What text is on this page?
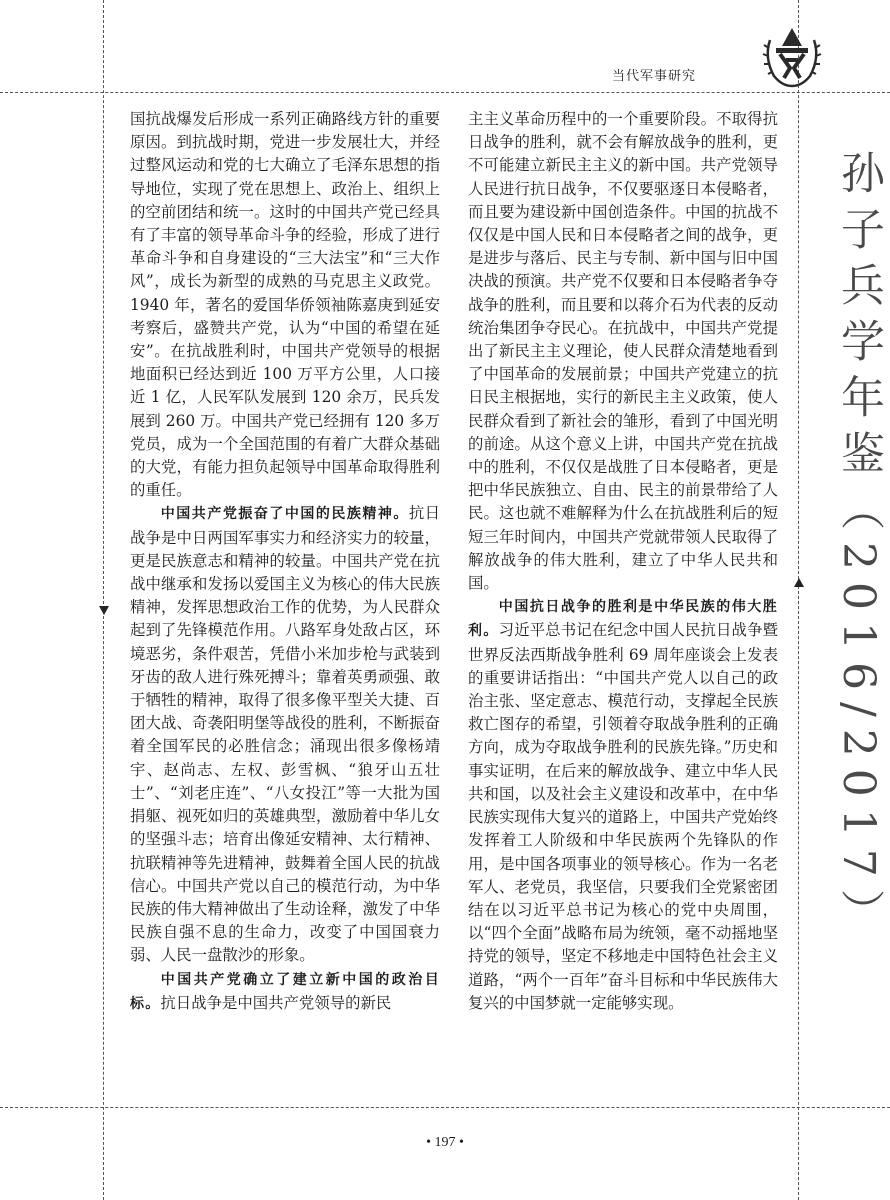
当代军事研究
孙子兵学年鉴（2016/2017）

国抗战爆发后形成一系列正确路线方针的重要原因。到抗战时期，党进一步发展壮大，并经过整风运动和党的七大确立了毛泽东思想的指导地位，实现了党在思想上、政治上、组织上的空前团结和统一。这时的中国共产党已经具有了丰富的领导革命斗争的经验，形成了进行革命斗争和自身建设的“三大法宝”和“三大作风”，成长为新型的成熟的马克思主义政党。1940 年，著名的爱国华侨领袖陈嘉庚到延安考察后，盛赞共产党，认为“中国的希望在延安”。在抗战胜利时，中国共产党领导的根据地面积已经达到近 100 万平方公里，人口接近 1 亿，人民军队发展到 120 余万，民兵发展到 260 万。中国共产党已经拥有 120 多万党员，成为一个全国范围的有着广大群众基础的大党，有能力担负起领导中国革命取得胜利的重任。

中国共产党振奋了中国的民族精神。抗日战争是中日两国军事实力和经济实力的较量，更是民族意志和精神的较量。中国共产党在抗战中继承和发扬以爱国主义为核心的伟大民族精神，发挥思想政治工作的优势，为人民群众起到了先锋模范作用。八路军身处敌占区，环境恶劣，条件艰苦，凭借小米加步枪与武装到牙齿的敌人进行殊死搏斗；靠着英勇顽强、敢于牺牲的精神，取得了很多像平型关大捷、百团大战、奇袭阳明堡等战役的胜利，不断振奋着全国军民的必胜信念；涌现出很多像杨靖宇、赵尚志、左权、彭雪枫、“狼牙山五壮士”、“刘老庄连”、“八女投江”等一大批为国捐躯、视死如归的英雄典型，激励着中华儿女的坚强斗志；培育出像延安精神、太行精神、抗联精神等先进精神，鼓舞着全国人民的抗战信心。中国共产党以自己的模范行动，为中华民族的伟大精神做出了生动诠释，激发了中华民族自强不息的生命力，改变了中国国衰力弱、人民一盘散沙的形象。

中国共产党确立了建立新中国的政治目标。抗日战争是中国共产党领导的新民

主主义革命历程中的一个重要阶段。不取得抗日战争的胜利，就不会有解放战争的胜利，更不可能建立新民主主义的新中国。共产党领导人民进行抗日战争，不仅要驱逐日本侵略者，而且要为建设新中国创造条件。中国的抗战不仅仅是中国人民和日本侵略者之间的战争，更是进步与落后、民主与专制、新中国与旧中国决战的预演。共产党不仅要和日本侵略者争夺战争的胜利，而且要和以蒋介石为代表的反动统治集团争夺民心。在抗战中，中国共产党提出了新民主主义理论，使人民群众清楚地看到了中国革命的发展前景；中国共产党建立的抗日民主根据地，实行的新民主主义政策，使人民群众看到了新社会的雏形，看到了中国光明的前途。从这个意义上讲，中国共产党在抗战中的胜利，不仅仅是战胜了日本侵略者，更是把中华民族独立、自由、民主的前景带给了人民。这也就不难解释为什么在抗战胜利后的短短三年时间内，中国共产党就带领人民取得了解放战争的伟大胜利，建立了中华人民共和国。

中国抗日战争的胜利是中华民族的伟大胜利。习近平总书记在纪念中国人民抗日战争暨世界反法西斯战争胜利 69 周年座谈会上发表的重要讲话指出：“中国共产党人以自己的政治主张、坚定意志、模范行动，支撑起全民族救亡图存的希望，引领着夺取战争胜利的正确方向，成为夺取战争胜利的民族先锋。”历史和事实证明，在后来的解放战争、建立中华人民共和国，以及社会主义建设和改革中，在中华民族实现伟大复兴的道路上，中国共产党始终发挥着工人阶级和中华民族两个先锋队的作用，是中国各项事业的领导核心。作为一名老军人、老党员，我坚信，只要我们全党紧密团结在以习近平总书记为核心的党中央周围，以“四个全面”战略布局为统领，毫不动摇地坚持党的领导，坚定不移地走中国特色社会主义道路，“两个一百年”奋斗目标和中华民族伟大复兴的中国梦就一定能够实现。

• 197 •
